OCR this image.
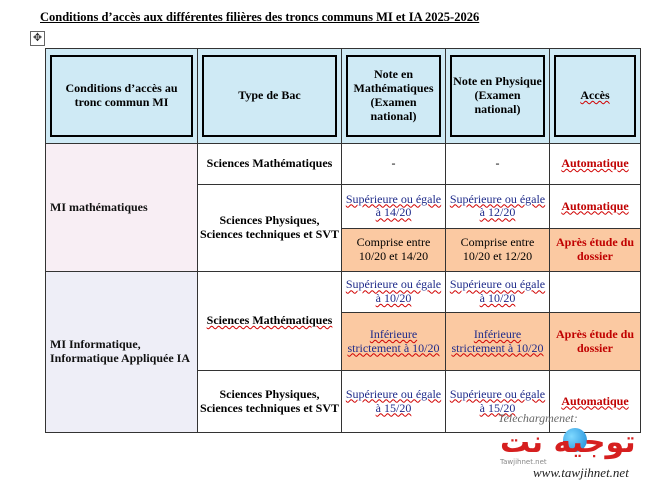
Conditions d’accès aux différentes filières des troncs communs MI et IA 2025-2026
✥
Conditions d’accès au tronc commun MI	Type de Bac	Note en Mathématiques (Examen national)	Note en Physique (Examen national)	Accès

MI mathématiques	Sciences Mathématiques	-	-	Automatique
	Sciences Physiques, Sciences techniques et SVT	Supérieure ou égale à 14/20	Supérieure ou égale à 12/20	Automatique
		Comprise entre 10/20 et 14/20	Comprise entre 10/20 et 12/20	Après étude du dossier
MI Informatique, Informatique Appliquée IA	Sciences Mathématiques	Supérieure ou égale à 10/20	Supérieure ou égale à 10/20	
		Inférieure strictement à 10/20	Inférieure strictement à 10/20	Après étude du dossier
	Sciences Physiques, Sciences techniques et SVT	Supérieure ou égale à 15/20	Supérieure ou égale à 15/20	Automatique
Telechargmenet:
توجيه نت
Tawjihnet.net
www.tawjihnet.net
